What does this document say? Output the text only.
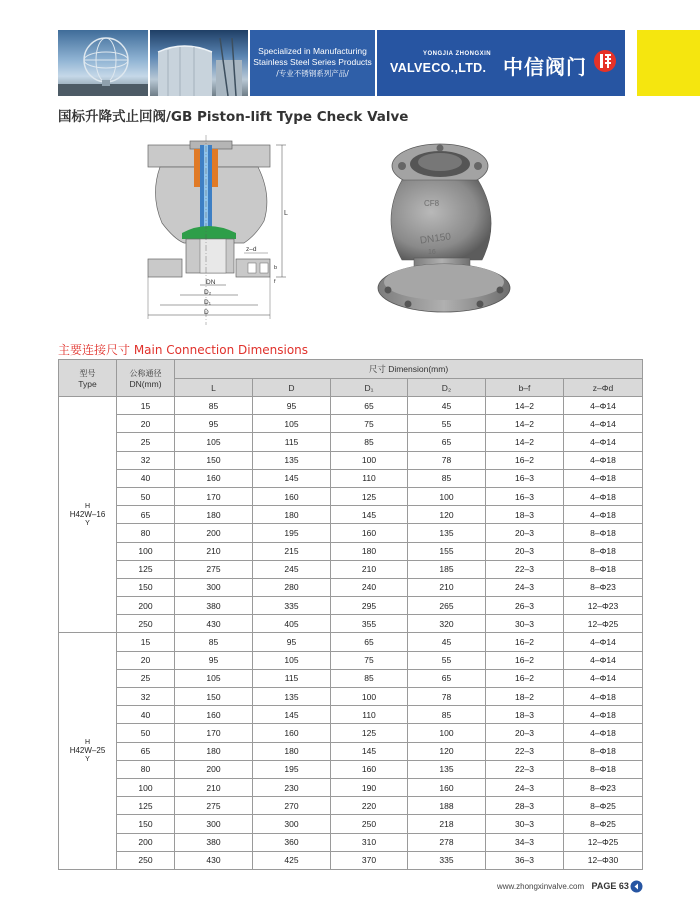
Specialized in Manufacturing
Stainless Steel Series Products
/专业不锈钢系列产品/
YONGJIA ZHONGXIN
VALVECO.,LTD. 中信阀门
国标升降式止回阀/GB Piston-lift Type Check Valve
L
z–d
b
f
DN
D₂
D₁
D
CF8
DN150
16
主要连接尺寸 Main Connection Dimensions
型号
Type	公称通径
DN(mm)	尺寸 Dimension(mm)					
		L	D	D₁	D₂	b–f	z–Φd

H
H42W–16
Y	15	85	95	65	45	14–2	4–Φ14
	20	95	105	75	55	14–2	4–Φ14
	25	105	115	85	65	14–2	4–Φ14
	32	150	135	100	78	16–2	4–Φ18
	40	160	145	110	85	16–3	4–Φ18
	50	170	160	125	100	16–3	4–Φ18
	65	180	180	145	120	18–3	4–Φ18
	80	200	195	160	135	20–3	8–Φ18
	100	210	215	180	155	20–3	8–Φ18
	125	275	245	210	185	22–3	8–Φ18
	150	300	280	240	210	24–3	8–Φ23
	200	380	335	295	265	26–3	12–Φ23
	250	430	405	355	320	30–3	12–Φ25

H
H42W–25
Y	15	85	95	65	45	16–2	4–Φ14
	20	95	105	75	55	16–2	4–Φ14
	25	105	115	85	65	16–2	4–Φ14
	32	150	135	100	78	18–2	4–Φ18
	40	160	145	110	85	18–3	4–Φ18
	50	170	160	125	100	20–3	4–Φ18
	65	180	180	145	120	22–3	8–Φ18
	80	200	195	160	135	22–3	8–Φ18
	100	210	230	190	160	24–3	8–Φ23
	125	275	270	220	188	28–3	8–Φ25
	150	300	300	250	218	30–3	8–Φ25
	200	380	360	310	278	34–3	12–Φ25
	250	430	425	370	335	36–3	12–Φ30
www.zhongxinvalve.com PAGE 63
